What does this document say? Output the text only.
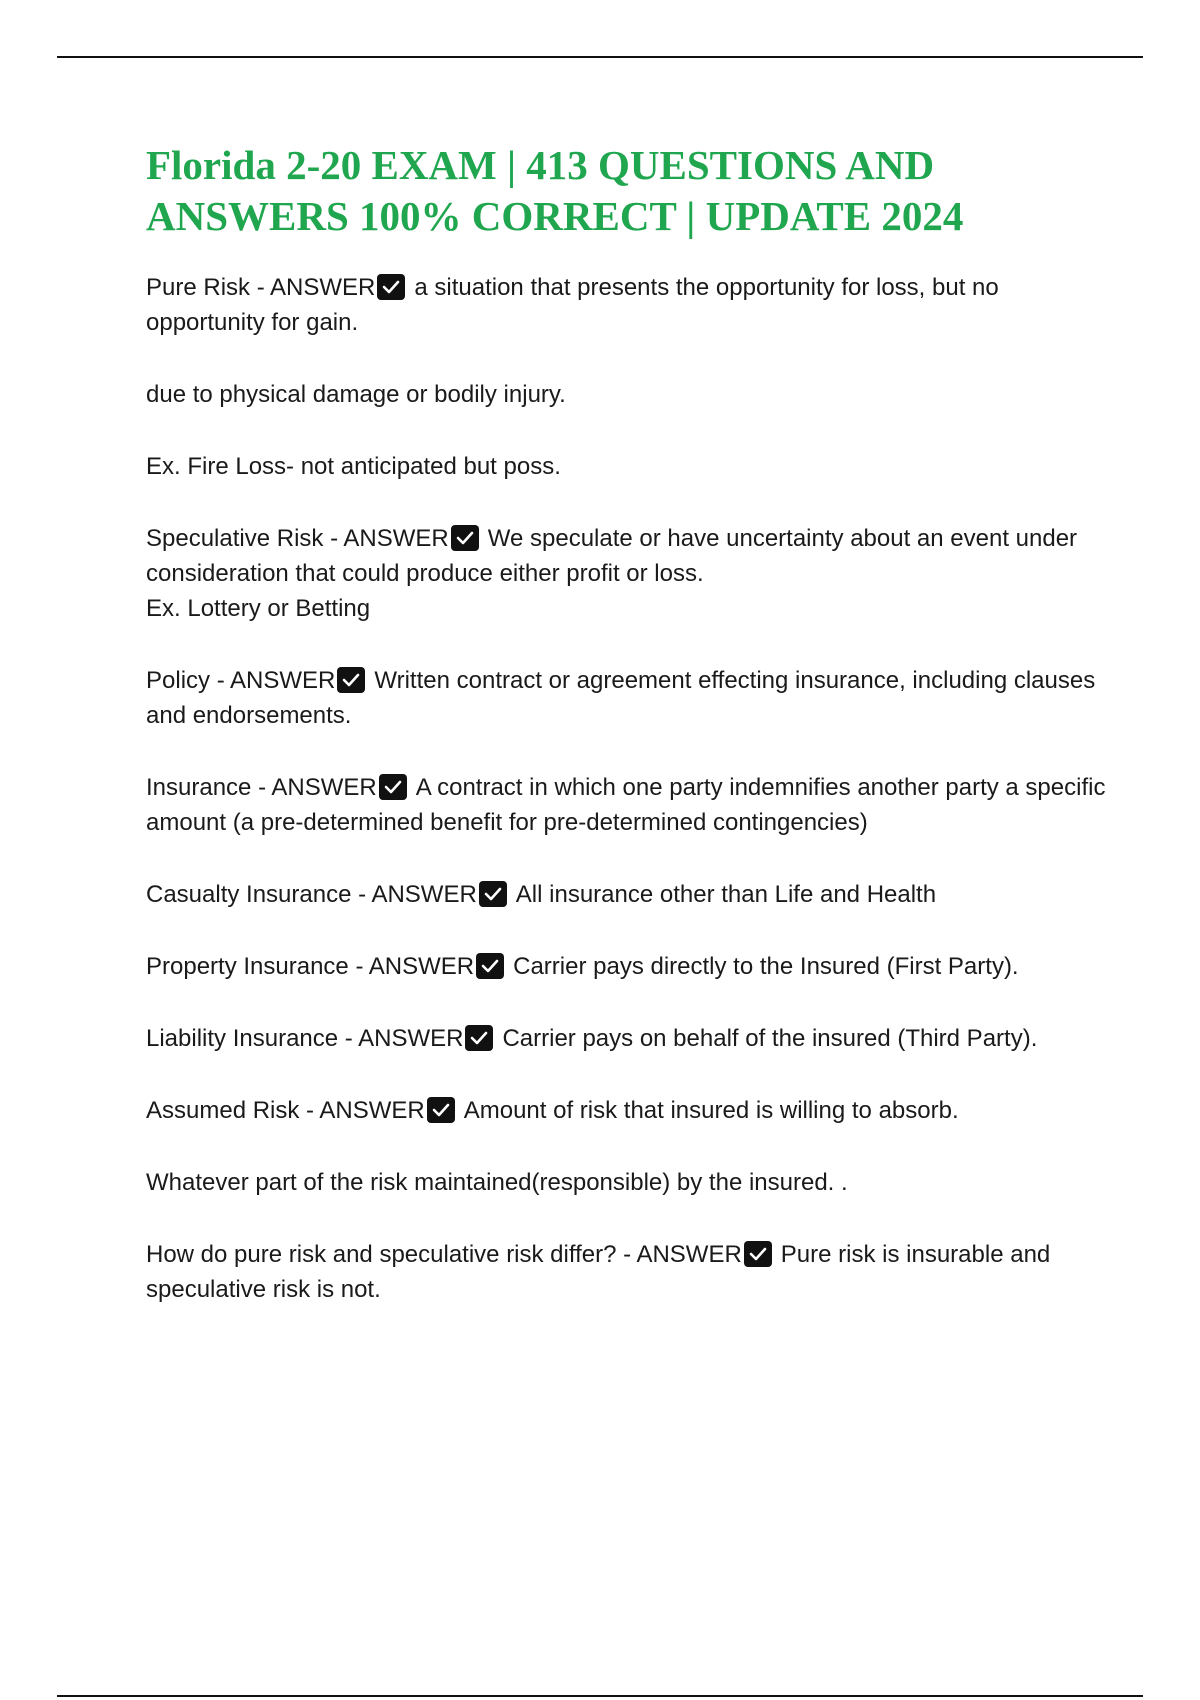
Florida 2-20 EXAM | 413 QUESTIONS AND ANSWERS 100% CORRECT | UPDATE 2024
Pure Risk - ANSWER a situation that presents the opportunity for loss, but no opportunity for gain.
due to physical damage or bodily injury.
Ex. Fire Loss- not anticipated but poss.
Speculative Risk - ANSWER We speculate or have uncertainty about an event under consideration that could produce either profit or loss.
Ex. Lottery or Betting
Policy - ANSWER Written contract or agreement effecting insurance, including clauses and endorsements.
Insurance - ANSWER A contract in which one party indemnifies another party a specific amount (a pre-determined benefit for pre-determined contingencies)
Casualty Insurance - ANSWER All insurance other than Life and Health
Property Insurance - ANSWER Carrier pays directly to the Insured (First Party).
Liability Insurance - ANSWER Carrier pays on behalf of the insured (Third Party).
Assumed Risk - ANSWER Amount of risk that insured is willing to absorb.
Whatever part of the risk maintained(responsible) by the insured. .
How do pure risk and speculative risk differ? - ANSWER Pure risk is insurable and speculative risk is not.
